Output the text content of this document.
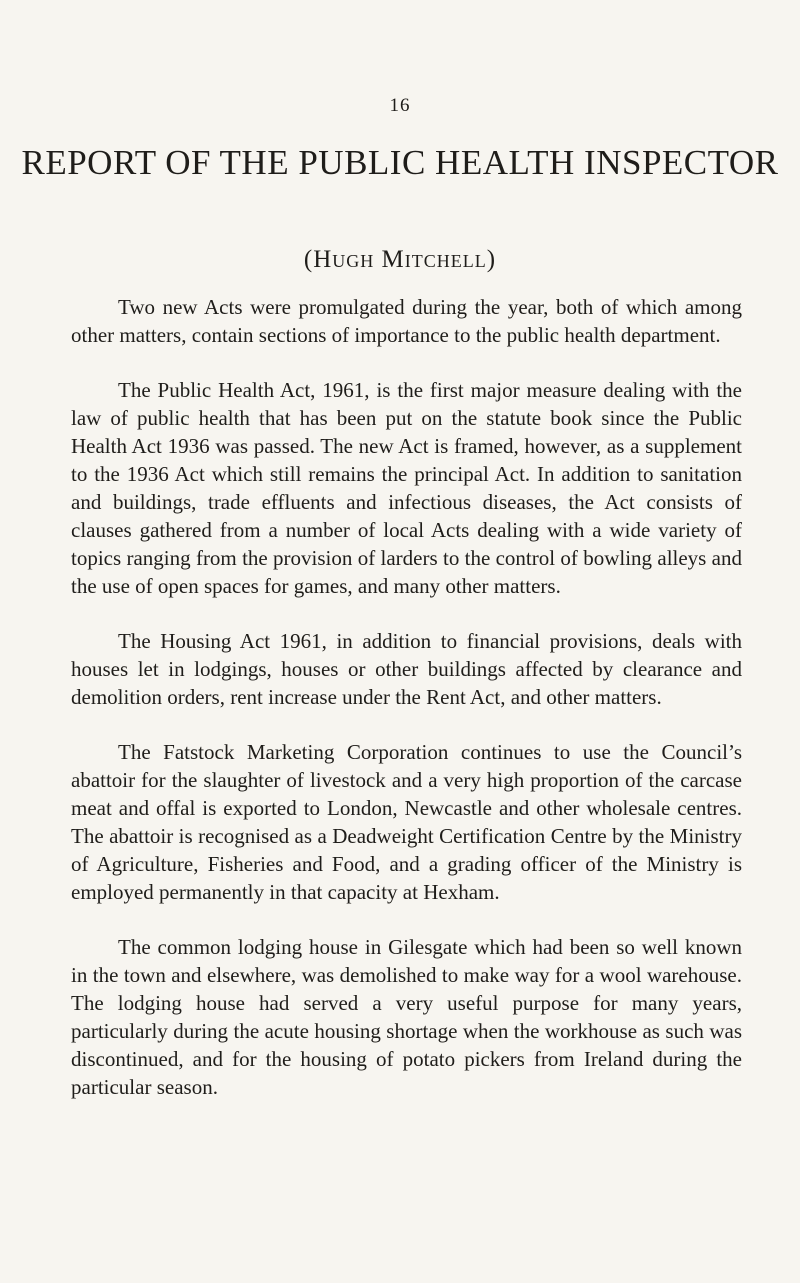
16
REPORT OF THE PUBLIC HEALTH INSPECTOR
(Hugh Mitchell)

Two new Acts were promulgated during the year, both of which among other matters, contain sections of importance to the public health department.

The Public Health Act, 1961, is the first major measure dealing with the law of public health that has been put on the statute book since the Public Health Act 1936 was passed. The new Act is framed, however, as a supplement to the 1936 Act which still remains the principal Act. In addition to sanitation and buildings, trade effluents and infectious diseases, the Act consists of clauses gathered from a number of local Acts dealing with a wide variety of topics ranging from the provision of larders to the control of bowling alleys and the use of open spaces for games, and many other matters.

The Housing Act 1961, in addition to financial provisions, deals with houses let in lodgings, houses or other buildings affected by clearance and demolition orders, rent increase under the Rent Act, and other matters.

The Fatstock Marketing Corporation continues to use the Council’s abattoir for the slaughter of livestock and a very high proportion of the carcase meat and offal is exported to London, Newcastle and other wholesale centres. The abattoir is recognised as a Deadweight Certification Centre by the Ministry of Agriculture, Fisheries and Food, and a grading officer of the Ministry is employed permanently in that capacity at Hexham.

The common lodging house in Gilesgate which had been so well known in the town and elsewhere, was demolished to make way for a wool warehouse. The lodging house had served a very useful purpose for many years, particularly during the acute housing shortage when the workhouse as such was discontinued, and for the housing of potato pickers from Ireland during the particular season.
